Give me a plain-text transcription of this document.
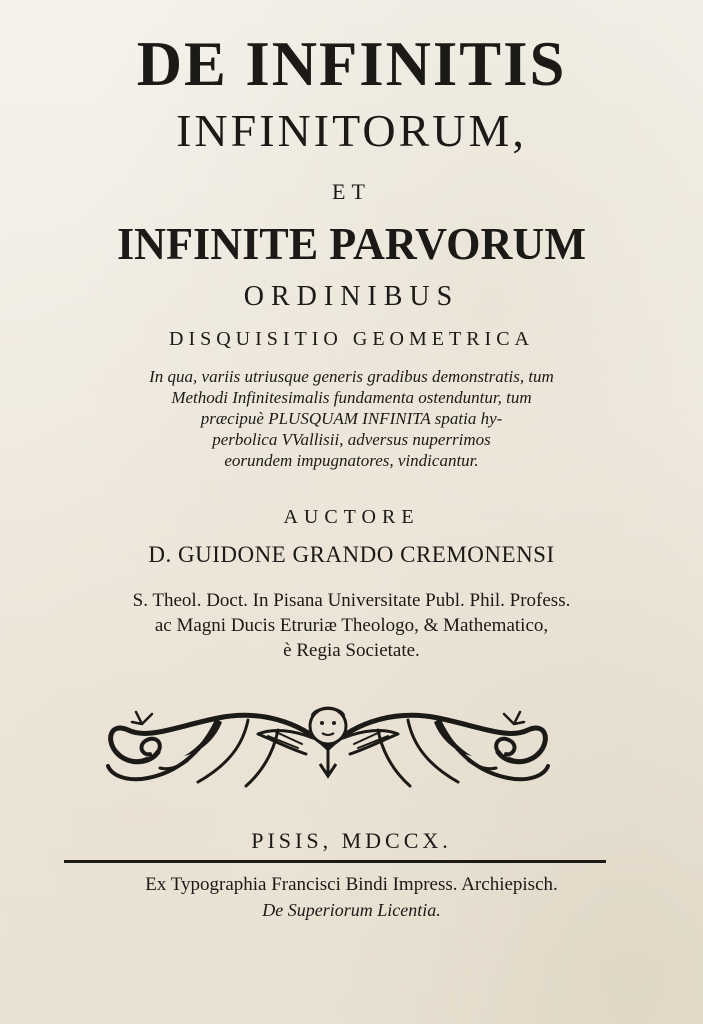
DE INFINITIS
INFINITORUM,
ET
INFINITE PARVORUM
ORDINIBUS
DISQUISITIO GEOMETRICA
In qua, variis utriusque generis gradibus demonstratis, tum
Methodi Infinitesimalis fundamenta ostenduntur, tum
præcipuè PLUSQUAM INFINITA spatia hy-
perbolica VVallisii, adversus nuperrimos
eorundem impugnatores, vindicantur.
AUCTORE
D. GUIDONE GRANDO CREMONENSI
S. Theol. Doct. In Pisana Universitate Publ. Phil. Profess.
ac Magni Ducis Etruriæ Theologo, & Mathematico,
è Regia Societate.
PISIS, MDCCX.
Ex Typographia Francisci Bindi Impress. Archiepisch.
De Superiorum Licentia.
